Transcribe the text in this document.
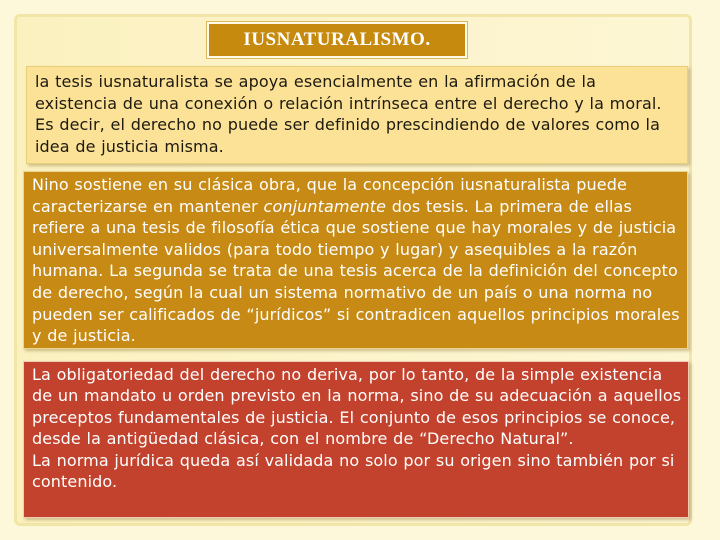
IUSNATURALISMO.

la tesis iusnaturalista se apoya esencialmente en la afirmación de la existencia de una conexión o relación intrínseca entre el derecho y la moral. Es decir, el derecho no puede ser definido prescindiendo de valores como la idea de justicia misma.

Nino sostiene en su clásica obra, que la concepción iusnaturalista puede caracterizarse en mantener conjuntamente dos tesis. La primera de ellas refiere a una tesis de filosofía ética que sostiene que hay morales y de justicia universalmente validos (para todo tiempo y lugar) y asequibles a la razón humana. La segunda se trata de una tesis acerca de la definición del concepto de derecho, según la cual un sistema normativo de un país o una norma no pueden ser calificados de “jurídicos” si contradicen aquellos principios morales y de justicia.

La obligatoriedad del derecho no deriva, por lo tanto, de la simple existencia de un mandato u orden previsto en la norma, sino de su adecuación a aquellos preceptos fundamentales de justicia. El conjunto de esos principios se conoce, desde la antigüedad clásica, con el nombre de “Derecho Natural”.

La norma jurídica queda así validada no solo por su origen sino también por si contenido.
